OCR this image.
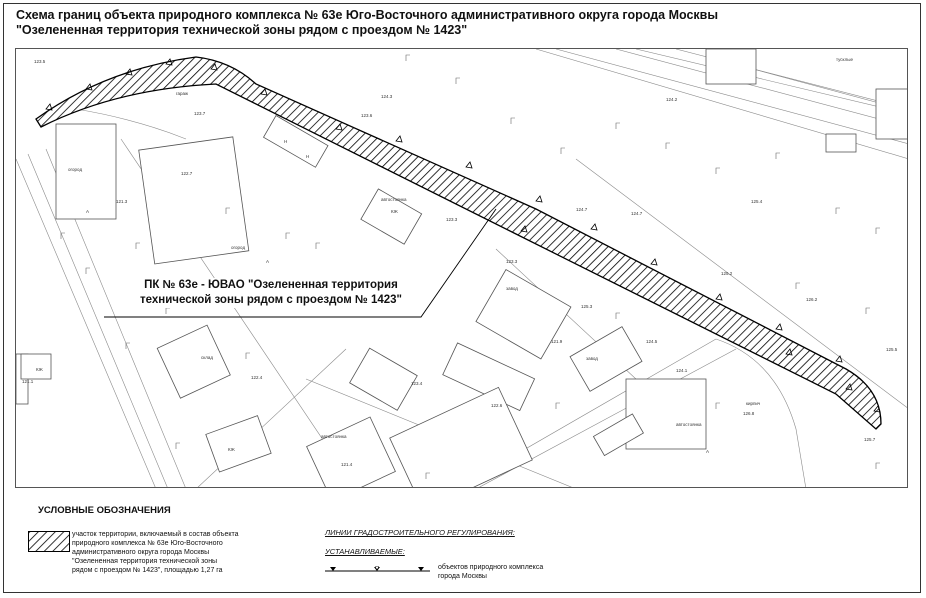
Схема границ объекта природного комплекса № 63е Юго-Восточного административного округа города Москвы
"Озелененная территория технической зоны рядом с проездом № 1423"
123.5
124.3
124.2
123.7
122.7
121.3
123.6
124.7
125.4
126.2
125.5
125.2
123.3
121.9
125.3
124.5
126.8
125.7
122.4
123.4
121.4
123.3
124.1
122.6
124.7
121.1
гараж
автостоянка
автостоянка
автостоянка
завод
завод
огород
огород
склад
кирпич
тусклые
КЖ
КЖ
КЖ
Н
Н
А
А
А
ПК № 63е - ЮВАО "Озелененная территория
технической зоны рядом с проездом № 1423"
УСЛОВНЫЕ ОБОЗНАЧЕНИЯ
участок территории, включаемый в состав объекта
природного комплекса № 63е Юго-Восточного
административного округа города Москвы
"Озелененная территория технической зоны
рядом с проездом № 1423", площадью 1,27 га
ЛИНИИ ГРАДОСТРОИТЕЛЬНОГО РЕГУЛИРОВАНИЯ:
УСТАНАВЛИВАЕМЫЕ:
объектов природного комплекса
города Москвы
